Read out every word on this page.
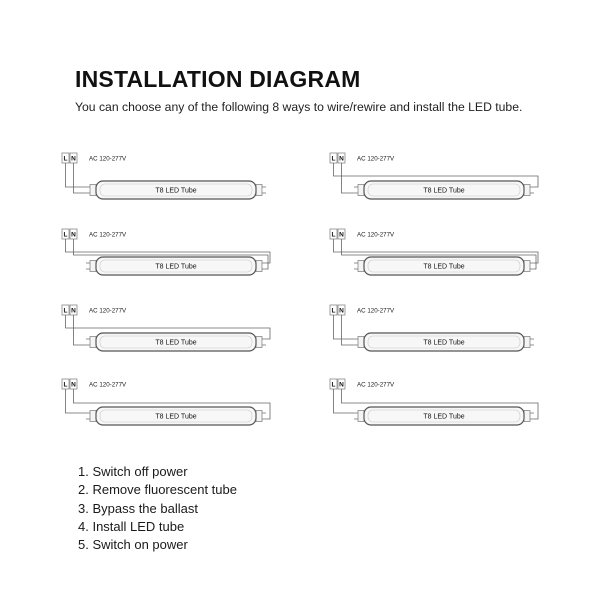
INSTALLATION DIAGRAM

You can choose any of the following 8 ways to wire/rewire and install the LED tube.

L N AC 120-277V
T8 LED Tube
L N AC 120-277V
T8 LED Tube
L N AC 120-277V
T8 LED Tube
L N AC 120-277V
T8 LED Tube
L N AC 120-277V
T8 LED Tube
L N AC 120-277V
T8 LED Tube
L N AC 120-277V
T8 LED Tube
L N AC 120-277V
T8 LED Tube
1. Switch off power
2. Remove fluorescent tube
3. Bypass the ballast
4. Install LED tube
5. Switch on power
